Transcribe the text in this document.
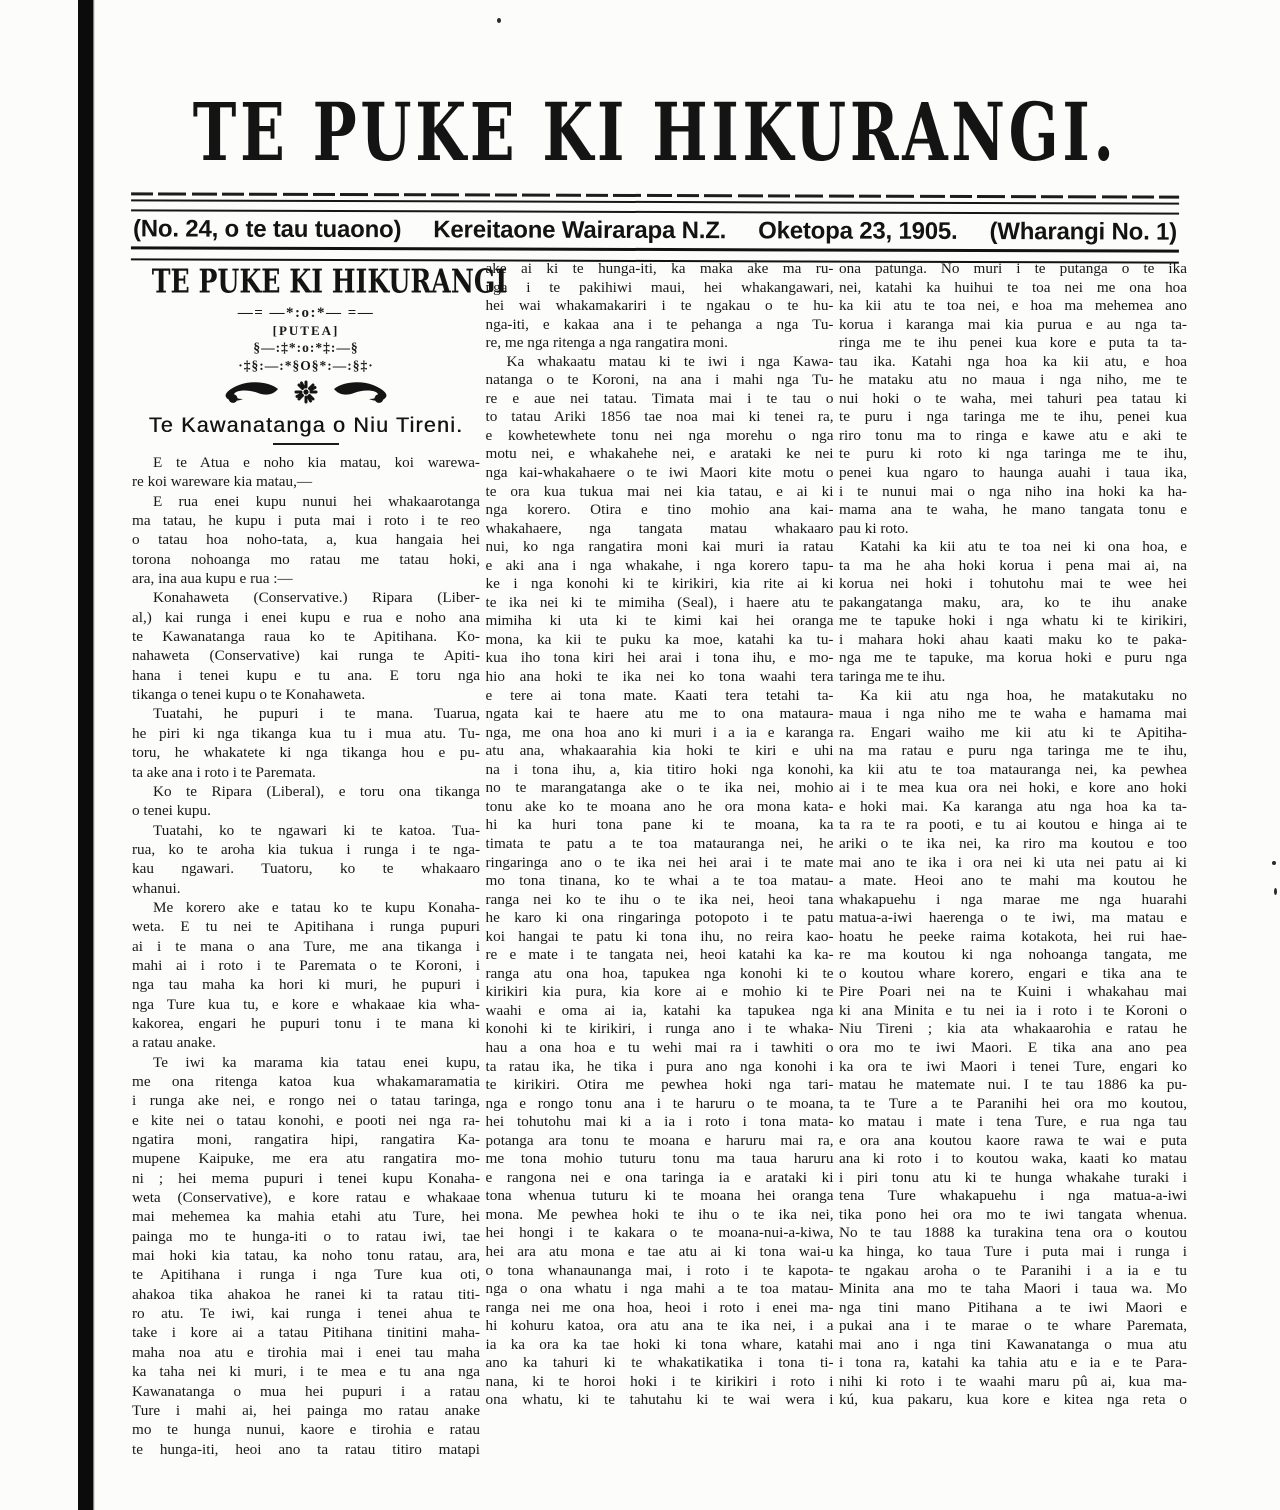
TE PUKE KI HIKURANGI.
(No. 24, o te tau tuaono) Kereitaone Wairarapa N.Z. Oketopa 23, 1905. (Wharangi No. 1)
TE PUKE KI HIKURANGI
—= —*:o:*— =—
[PUTEA]
§—:‡*:o:*‡:—§
·‡§:—:*§O§*:—:§‡·
Te Kawanatanga o Niu Tireni.
E te Atua e noho kia matau, koi warewa-
re koi wareware kia matau,—
E rua enei kupu nunui hei whakaarotanga
ma tatau, he kupu i puta mai i roto i te reo
o tatau hoa noho-tata, a, kua hangaia hei
torona nohoanga mo ratau me tatau hoki,
ara, ina aua kupu e rua :—
Konahaweta (Conservative.) Ripara (Liber-
al,) kai runga i enei kupu e rua e noho ana
te Kawanatanga raua ko te Apitihana. Ko-
nahaweta (Conservative) kai runga te Apiti-
hana i tenei kupu e tu ana. E toru nga
tikanga o tenei kupu o te Konahaweta.
Tuatahi, he pupuri i te mana. Tuarua,
he piri ki nga tikanga kua tu i mua atu. Tu-
toru, he whakatete ki nga tikanga hou e pu-
ta ake ana i roto i te Paremata.
Ko te Ripara (Liberal), e toru ona tikanga
o tenei kupu.
Tuatahi, ko te ngawari ki te katoa. Tua-
rua, ko te aroha kia tukua i runga i te nga-
kau ngawari. Tuatoru, ko te whakaaro
whanui.
Me korero ake e tatau ko te kupu Konaha-
weta. E tu nei te Apitihana i runga pupuri
ai i te mana o ana Ture, me ana tikanga i
mahi ai i roto i te Paremata o te Koroni, i
nga tau maha ka hori ki muri, he pupuri i
nga Ture kua tu, e kore e whakaae kia wha-
kakorea, engari he pupuri tonu i te mana ki
a ratau anake.
Te iwi ka marama kia tatau enei kupu,
me ona ritenga katoa kua whakamaramatia
i runga ake nei, e rongo nei o tatau taringa,
e kite nei o tatau konohi, e pooti nei nga ra-
ngatira moni, rangatira hipi, rangatira Ka-
mupene Kaipuke, me era atu rangatira mo-
ni ; hei mema pupuri i tenei kupu Konaha-
weta (Conservative), e kore ratau e whakaae
mai mehemea ka mahia etahi atu Ture, hei
painga mo te hunga-iti o to ratau iwi, tae
mai hoki kia tatau, ka noho tonu ratau, ara,
te Apitihana i runga i nga Ture kua oti,
ahakoa tika ahakoa he ranei ki ta ratau titi-
ro atu. Te iwi, kai runga i tenei ahua te
take i kore ai a tatau Pitihana tinitini maha-
maha noa atu e tirohia mai i enei tau maha
ka taha nei ki muri, i te mea e tu ana nga
Kawanatanga o mua hei pupuri i a ratau
Ture i mahi ai, hei painga mo ratau anake
mo te hunga nunui, kaore e tirohia e ratau
te hunga-iti, heoi ano ta ratau titiro matapi
ake ai ki te hunga-iti, ka maka ake ma ru-
nga i te pakihiwi maui, hei whakangawari,
hei wai whakamakariri i te ngakau o te hu-
nga-iti, e kakaa ana i te pehanga a nga Tu-
re, me nga ritenga a nga rangatira moni.
Ka whakaatu matau ki te iwi i nga Kawa-
natanga o te Koroni, na ana i mahi nga Tu-
re e aue nei tatau. Timata mai i te tau o
to tatau Ariki 1856 tae noa mai ki tenei ra,
e kowhetewhete tonu nei nga morehu o nga
motu nei, e whakahehe nei, e arataki ke nei
nga kai-whakahaere o te iwi Maori kite motu o
te ora kua tukua mai nei kia tatau, e ai ki
nga korero. Otira e tino mohio ana kai-
whakahaere, nga tangata matau whakaaro
nui, ko nga rangatira moni kai muri ia ratau
e aki ana i nga whakahe, i nga korero tapu-
ke i nga konohi ki te kirikiri, kia rite ai ki
te ika nei ki te mimiha (Seal), i haere atu te
mimiha ki uta ki te kimi kai hei oranga
mona, ka kii te puku ka moe, katahi ka tu-
kua iho tona kiri hei arai i tona ihu, e mo-
hio ana hoki te ika nei ko tona waahi tera
e tere ai tona mate. Kaati tera tetahi ta-
ngata kai te haere atu me to ona mataura-
nga, me ona hoa ano ki muri i a ia e karanga
atu ana, whakaarahia kia hoki te kiri e uhi
na i tona ihu, a, kia titiro hoki nga konohi,
no te marangatanga ake o te ika nei, mohio
tonu ake ko te moana ano he ora mona kata-
hi ka huri tona pane ki te moana, ka
timata te patu a te toa matauranga nei, he
ringaringa ano o te ika nei hei arai i te mate
mo tona tinana, ko te whai a te toa matau-
ranga nei ko te ihu o te ika nei, heoi tana
he karo ki ona ringaringa potopoto i te patu
koi hangai te patu ki tona ihu, no reira kao-
re e mate i te tangata nei, heoi katahi ka ka-
ranga atu ona hoa, tapukea nga konohi ki te
kirikiri kia pura, kia kore ai e mohio ki te
waahi e oma ai ia, katahi ka tapukea nga
konohi ki te kirikiri, i runga ano i te whaka-
hau a ona hoa e tu wehi mai ra i tawhiti o
ta ratau ika, he tika i pura ano nga konohi i
te kirikiri. Otira me pewhea hoki nga tari-
nga e rongo tonu ana i te haruru o te moana,
hei tohutohu mai ki a ia i roto i tona mata-
potanga ara tonu te moana e haruru mai ra,
me tona mohio tuturu tonu ma taua haruru
e rangona nei e ona taringa ia e arataki ki
tona whenua tuturu ki te moana hei oranga
mona. Me pewhea hoki te ihu o te ika nei,
hei hongi i te kakara o te moana-nui-a-kiwa,
hei ara atu mona e tae atu ai ki tona wai-u
o tona whanaunanga mai, i roto i te kapota-
nga o ona whatu i nga mahi a te toa matau-
ranga nei me ona hoa, heoi i roto i enei ma-
hi kohuru katoa, ora atu ana te ika nei, i a
ia ka ora ka tae hoki ki tona whare, katahi
ano ka tahuri ki te whakatikatika i tona ti-
nana, ki te horoi hoki i te kirikiri i roto i
ona whatu, ki te tahutahu ki te wai wera i
ona patunga. No muri i te putanga o te ika
nei, katahi ka huihui te toa nei me ona hoa
ka kii atu te toa nei, e hoa ma mehemea ano
korua i karanga mai kia purua e au nga ta-
ringa me te ihu penei kua kore e puta ta ta-
tau ika. Katahi nga hoa ka kii atu, e hoa
he mataku atu no maua i nga niho, me te
nui hoki o te waha, mei tahuri pea tatau ki
te puru i nga taringa me te ihu, penei kua
riro tonu ma to ringa e kawe atu e aki te
te puru ki roto ki nga taringa me te ihu,
penei kua ngaro to haunga auahi i taua ika,
i te nunui mai o nga niho ina hoki ka ha-
mama ana te waha, he mano tangata tonu e
pau ki roto.
Katahi ka kii atu te toa nei ki ona hoa, e
ta ma he aha hoki korua i pena mai ai, na
korua nei hoki i tohutohu mai te wee hei
pakangatanga maku, ara, ko te ihu anake
me te tapuke hoki i nga whatu ki te kirikiri,
i mahara hoki ahau kaati maku ko te paka-
nga me te tapuke, ma korua hoki e puru nga
taringa me te ihu.
Ka kii atu nga hoa, he matakutaku no
maua i nga niho me te waha e hamama mai
ra. Engari waiho me kii atu ki te Apitiha-
na ma ratau e puru nga taringa me te ihu,
ka kii atu te toa matauranga nei, ka pewhea
ai i te mea kua ora nei hoki, e kore ano hoki
e hoki mai. Ka karanga atu nga hoa ka ta-
ta ra te ra pooti, e tu ai koutou e hinga ai te
ariki o te ika nei, ka riro ma koutou e too
mai ano te ika i ora nei ki uta nei patu ai ki
a mate. Heoi ano te mahi ma koutou he
whakapuehu i nga marae me nga huarahi
matua-a-iwi haerenga o te iwi, ma matau e
hoatu he peeke raima kotakota, hei rui hae-
re ma koutou ki nga nohoanga tangata, me
o koutou whare korero, engari e tika ana te
Pire Poari nei na te Kuini i whakahau mai
ki ana Minita e tu nei ia i roto i te Koroni o
Niu Tireni ; kia ata whakaarohia e ratau he
ora mo te iwi Maori. E tika ana ano pea
ka ora te iwi Maori i tenei Ture, engari ko
matau he matemate nui. I te tau 1886 ka pu-
ta te Ture a te Paranihi hei ora mo koutou,
ko matau i mate i tena Ture, e rua nga tau
e ora ana koutou kaore rawa te wai e puta
ana ki roto i to koutou waka, kaati ko matau
i piri tonu atu ki te hunga whakahe turaki i
tena Ture whakapuehu i nga matua-a-iwi
tika pono hei ora mo te iwi tangata whenua.
No te tau 1888 ka turakina tena ora o koutou
ka hinga, ko taua Ture i puta mai i runga i
te ngakau aroha o te Paranihi i a ia e tu
Minita ana mo te taha Maori i taua wa. Mo
nga tini mano Pitihana a te iwi Maori e
pukai ana i te marae o te whare Paremata,
mai ano i nga tini Kawanatanga o mua atu
i tona ra, katahi ka tahia atu e ia e te Para-
nihi ki roto i te waahi maru pû ai, kua ma-
kú, kua pakaru, kua kore e kitea nga reta o
